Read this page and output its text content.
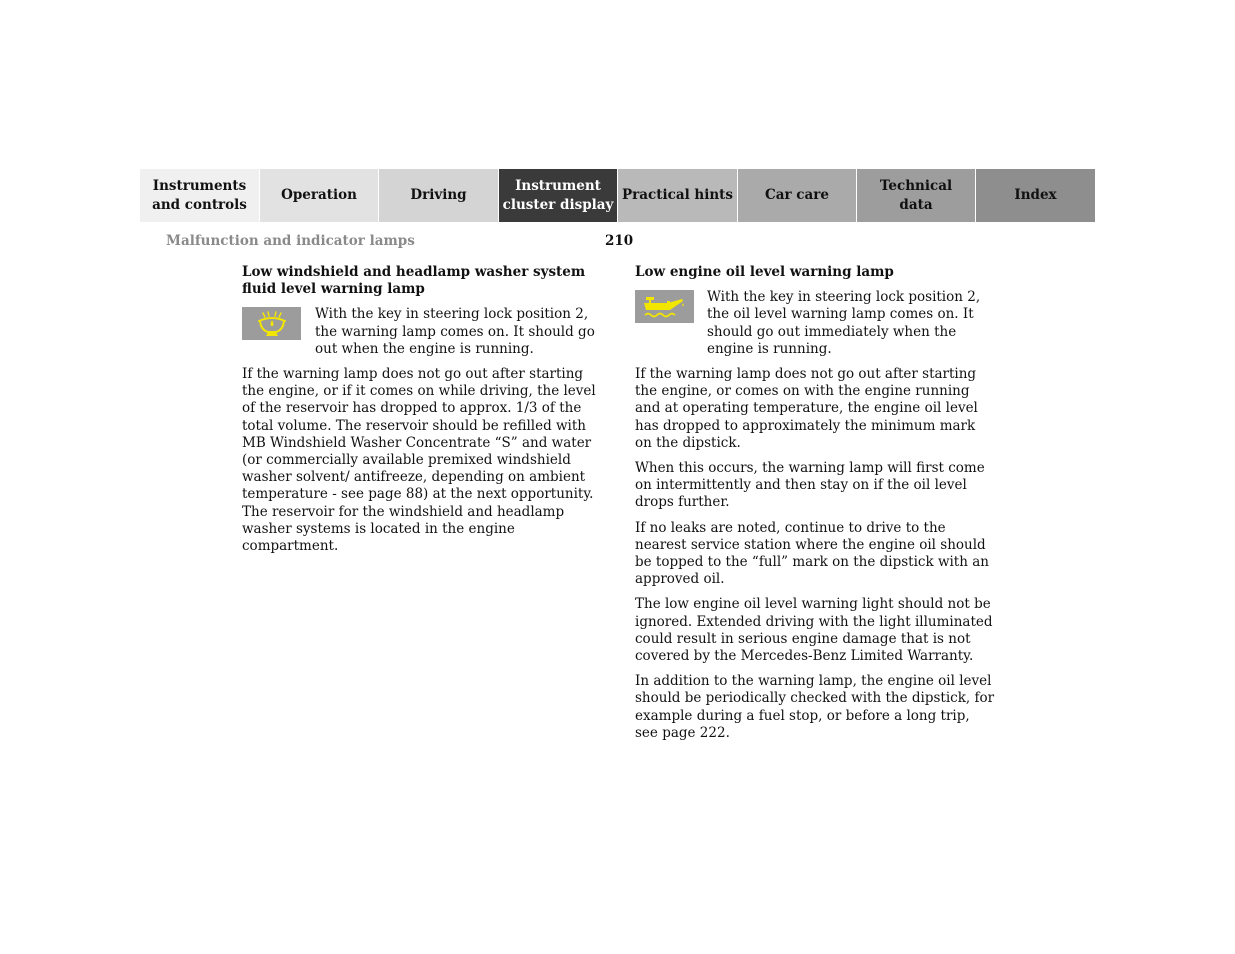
Instruments
and controls
Operation	Driving
Instrument
cluster display
Practical hints	Car care
Technical
data
Index
Malfunction and indicator lamps	210
Low windshield and headlamp washer system fluid level warning lamp
With the key in steering lock position 2, the warning lamp comes on. It should go out when the engine is running.

If the warning lamp does not go out after starting the engine, or if it comes on while driving, the level of the reservoir has dropped to approx. 1/3 of the total volume. The reservoir should be refilled with MB Windshield Washer Concentrate “S” and water (or commercially available premixed windshield washer solvent/ antifreeze, depending on ambient temperature - see page 88) at the next opportunity. The reservoir for the windshield and headlamp washer systems is located in the engine compartment.

Low engine oil level warning lamp
With the key in steering lock position 2, the oil level warning lamp comes on. It should go out immediately when the engine is running.

If the warning lamp does not go out after starting the engine, or comes on with the engine running and at operating temperature, the engine oil level has dropped to approximately the minimum mark on the dipstick.

When this occurs, the warning lamp will first come on intermittently and then stay on if the oil level drops further.

If no leaks are noted, continue to drive to the nearest service station where the engine oil should be topped to the “full” mark on the dipstick with an approved oil.

The low engine oil level warning light should not be ignored. Extended driving with the light illuminated could result in serious engine damage that is not covered by the Mercedes-Benz Limited Warranty.

In addition to the warning lamp, the engine oil level should be periodically checked with the dipstick, for example during a fuel stop, or before a long trip,
see page 222.
